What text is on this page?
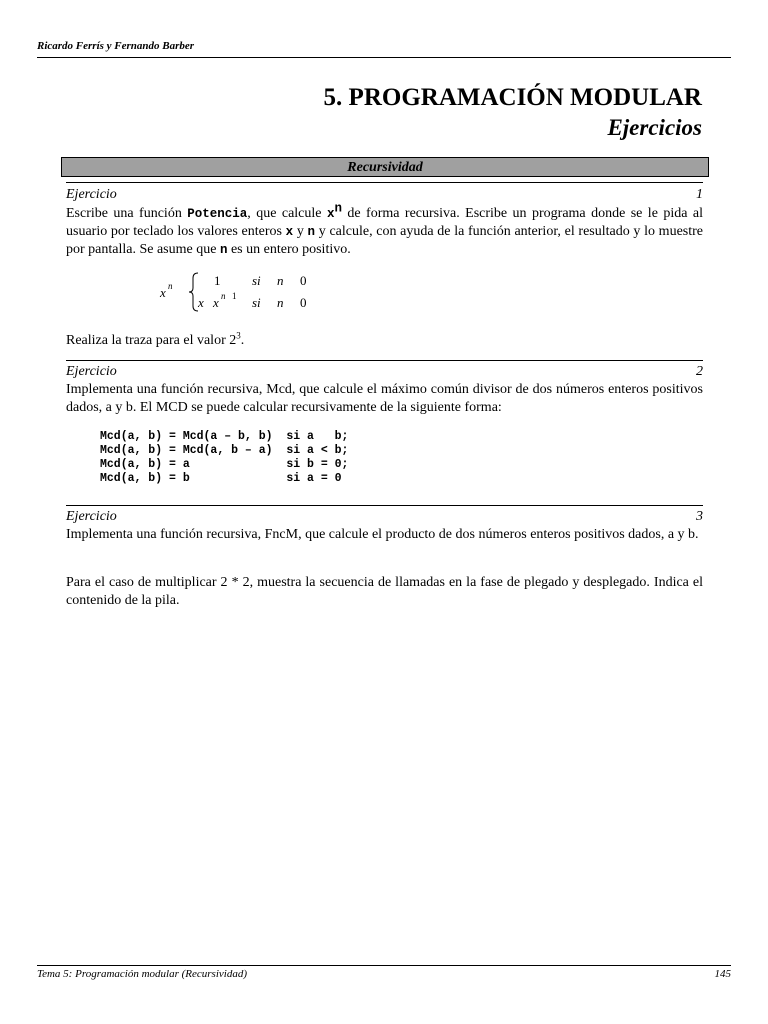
Ricardo Ferrís y Fernando Barber
5. PROGRAMACIÓN MODULAR
Ejercicios
Recursividad
Ejercicio	1
Escribe una función Potencia, que calcule $x^n$ de forma recursiva. Escribe un programa donde se le pida al usuario por teclado los valores enteros x y n y calcule, con ayuda de la función anterior, el resultado y lo muestre por pantalla. Se asume que n es un entero positivo.
x n	1 si n 0
x x n 1 si n 0
Realiza la traza para el valor $2^3$.
Ejercicio	2
Implementa una función recursiva, Mcd, que calcule el máximo común divisor de dos números enteros positivos dados, a y b. El MCD se puede calcular recursivamente de la siguiente forma:
Mcd(a, b) = Mcd(a – b, b)  si a   b;
Mcd(a, b) = Mcd(a, b – a)  si a < b;
Mcd(a, b) = a              si b = 0;
Mcd(a, b) = b              si a = 0
Ejercicio	3
Implementa una función recursiva, FncM, que calcule el producto de dos números enteros positivos dados, a y b.
Para el caso de multiplicar 2 * 2, muestra la secuencia de llamadas en la fase de plegado y desplegado. Indica el contenido de la pila.
Tema 5: Programación modular (Recursividad)	145
